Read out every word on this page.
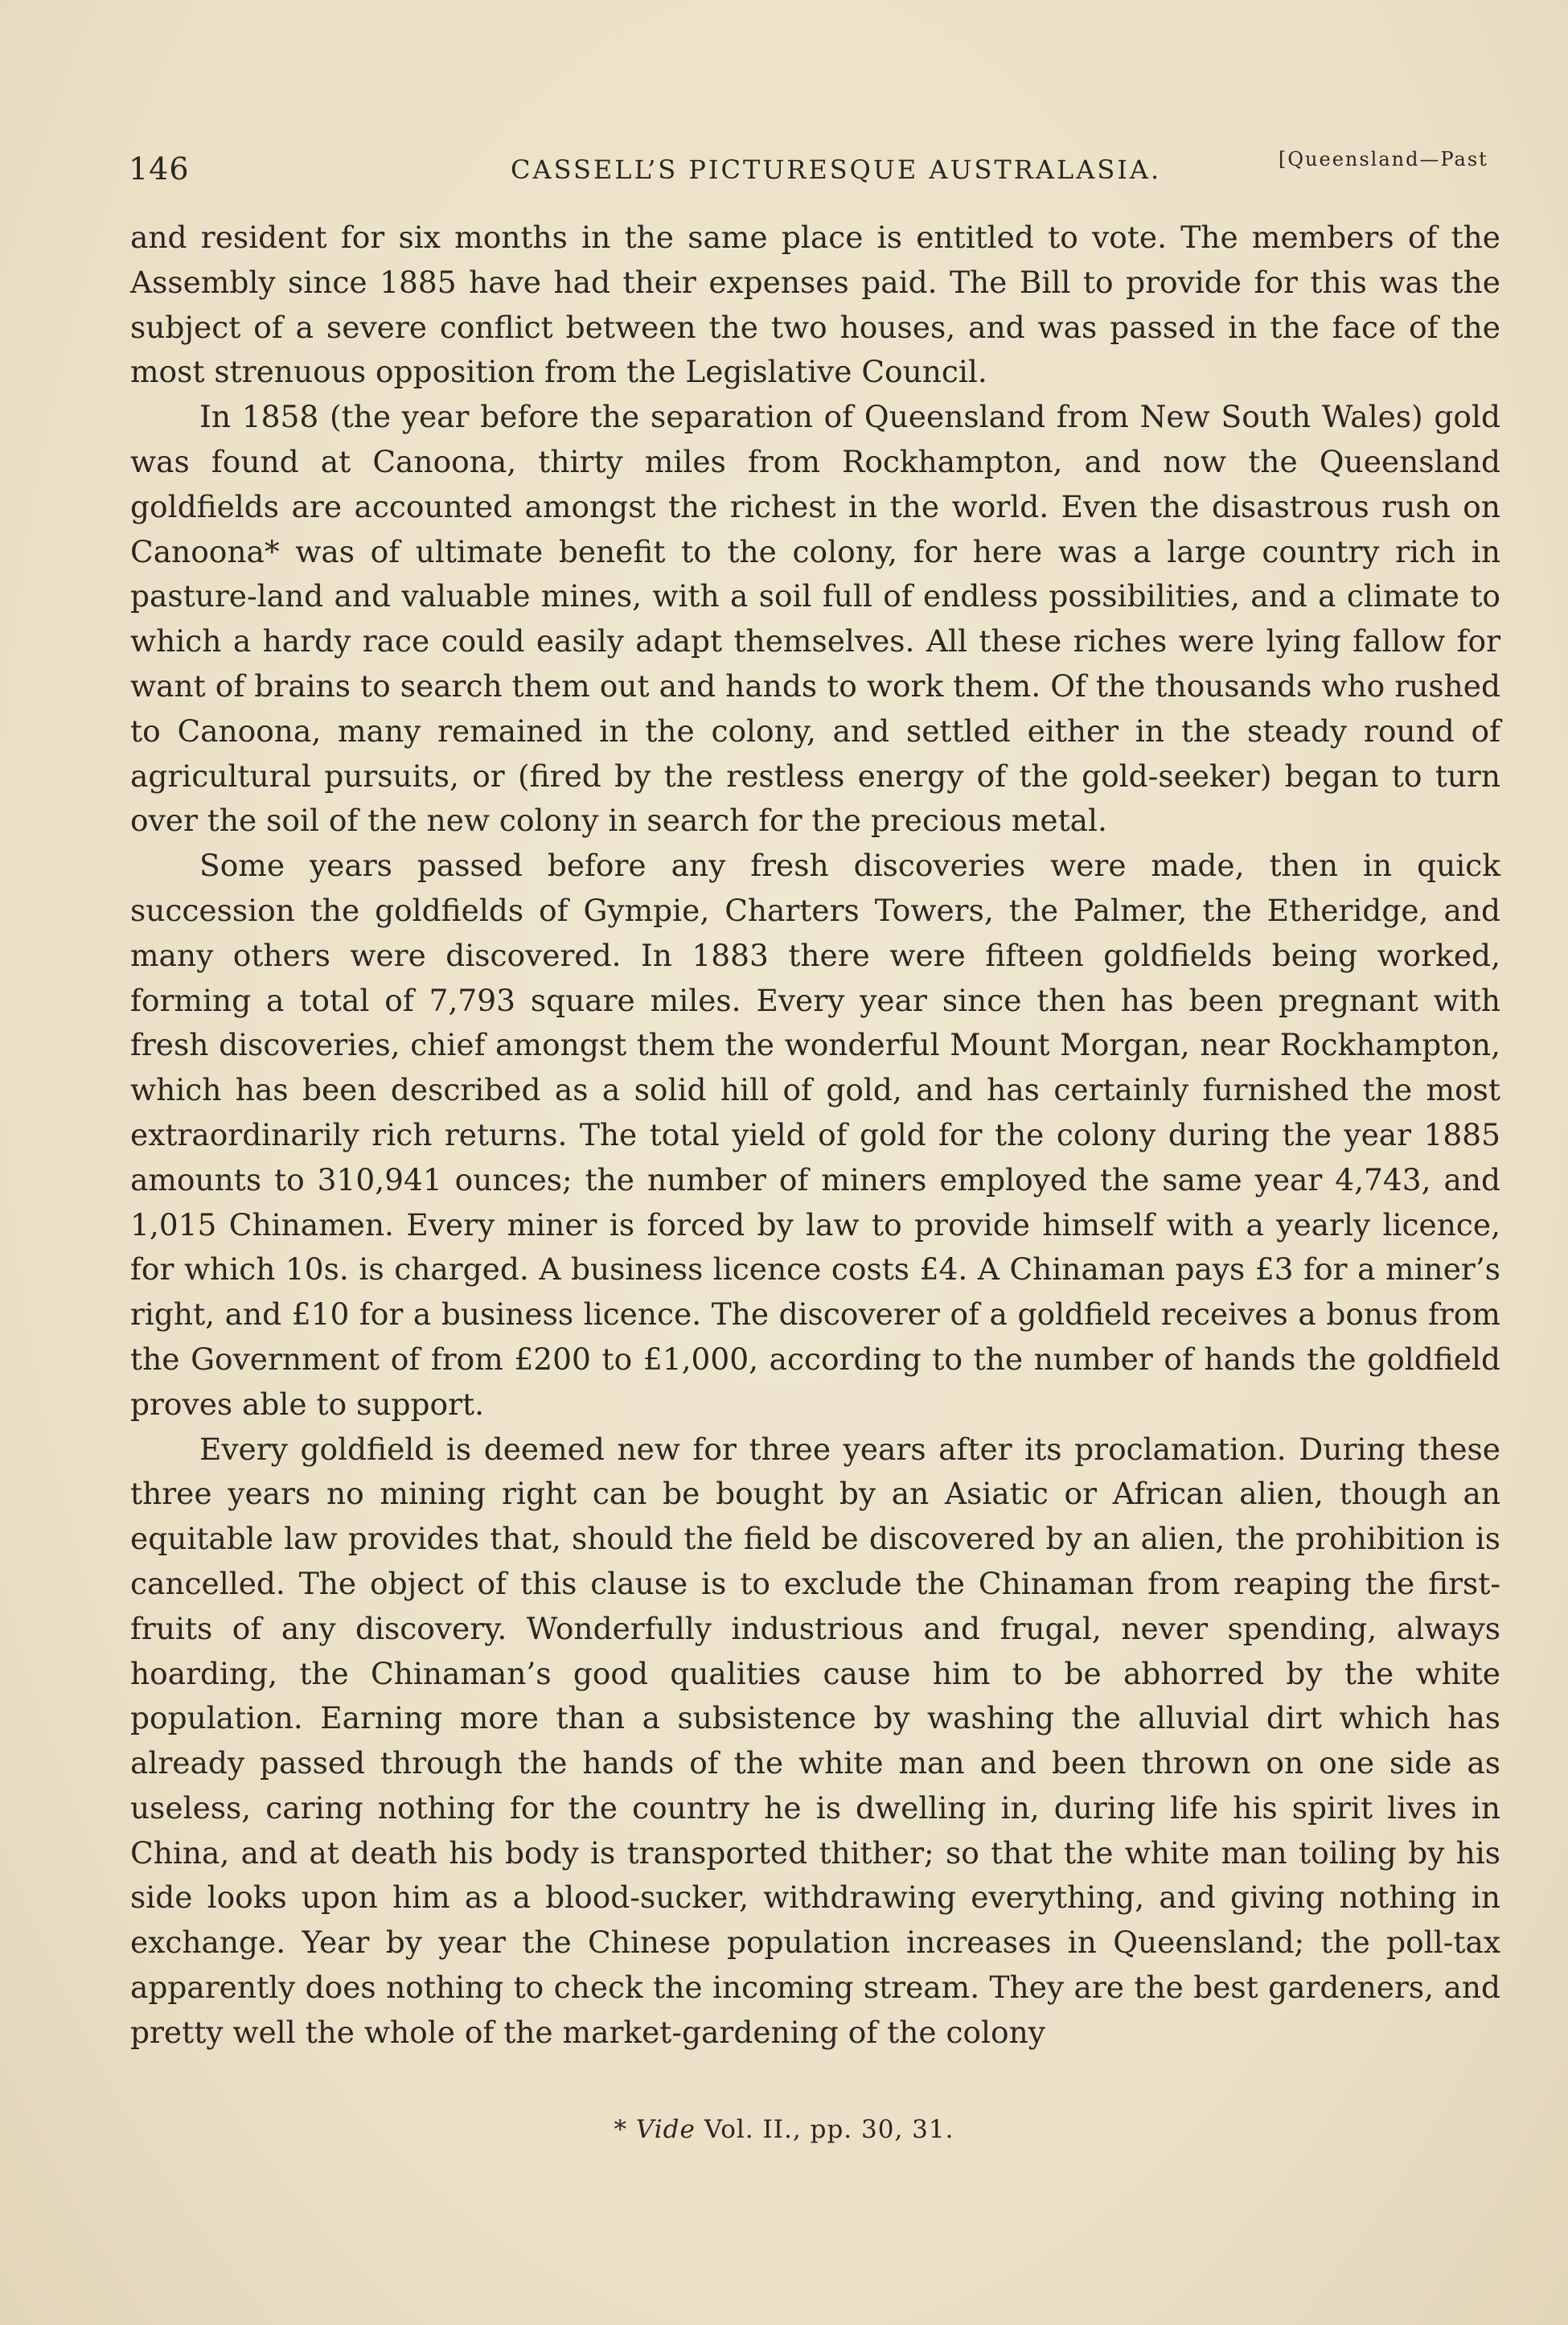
146	CASSELL’S PICTURESQUE AUSTRALASIA.	[Queensland—Past

and resident for six months in the same place is entitled to vote. The members of the Assembly since 1885 have had their expenses paid. The Bill to provide for this was the subject of a severe conflict between the two houses, and was passed in the face of the most strenuous opposition from the Legislative Council.

In 1858 (the year before the separation of Queensland from New South Wales) gold was found at Canoona, thirty miles from Rockhampton, and now the Queensland goldfields are accounted amongst the richest in the world. Even the disastrous rush on Canoona* was of ultimate benefit to the colony, for here was a large country rich in pasture-land and valuable mines, with a soil full of endless possibilities, and a climate to which a hardy race could easily adapt themselves. All these riches were lying fallow for want of brains to search them out and hands to work them. Of the thousands who rushed to Canoona, many remained in the colony, and settled either in the steady round of agricultural pursuits, or (fired by the restless energy of the gold-seeker) began to turn over the soil of the new colony in search for the precious metal.

Some years passed before any fresh discoveries were made, then in quick succession the goldfields of Gympie, Charters Towers, the Palmer, the Etheridge, and many others were discovered. In 1883 there were fifteen goldfields being worked, forming a total of 7,793 square miles. Every year since then has been pregnant with fresh discoveries, chief amongst them the wonderful Mount Morgan, near Rockhampton, which has been described as a solid hill of gold, and has certainly furnished the most extraordinarily rich returns. The total yield of gold for the colony during the year 1885 amounts to 310,941 ounces; the number of miners employed the same year 4,743, and 1,015 Chinamen. Every miner is forced by law to provide himself with a yearly licence, for which 10s. is charged. A business licence costs £4. A Chinaman pays £3 for a miner’s right, and £10 for a business licence. The discoverer of a goldfield receives a bonus from the Government of from £200 to £1,000, according to the number of hands the goldfield proves able to support.

Every goldfield is deemed new for three years after its proclamation. During these three years no mining right can be bought by an Asiatic or African alien, though an equitable law provides that, should the field be discovered by an alien, the prohibition is cancelled. The object of this clause is to exclude the Chinaman from reaping the first-fruits of any discovery. Wonderfully industrious and frugal, never spending, always hoarding, the Chinaman’s good qualities cause him to be abhorred by the white population. Earning more than a subsistence by washing the alluvial dirt which has already passed through the hands of the white man and been thrown on one side as useless, caring nothing for the country he is dwelling in, during life his spirit lives in China, and at death his body is transported thither; so that the white man toiling by his side looks upon him as a blood-sucker, withdrawing everything, and giving nothing in exchange. Year by year the Chinese population increases in Queensland; the poll-tax apparently does nothing to check the incoming stream. They are the best gardeners, and pretty well the whole of the market-gardening of the colony

* Vide Vol. II., pp. 30, 31.
